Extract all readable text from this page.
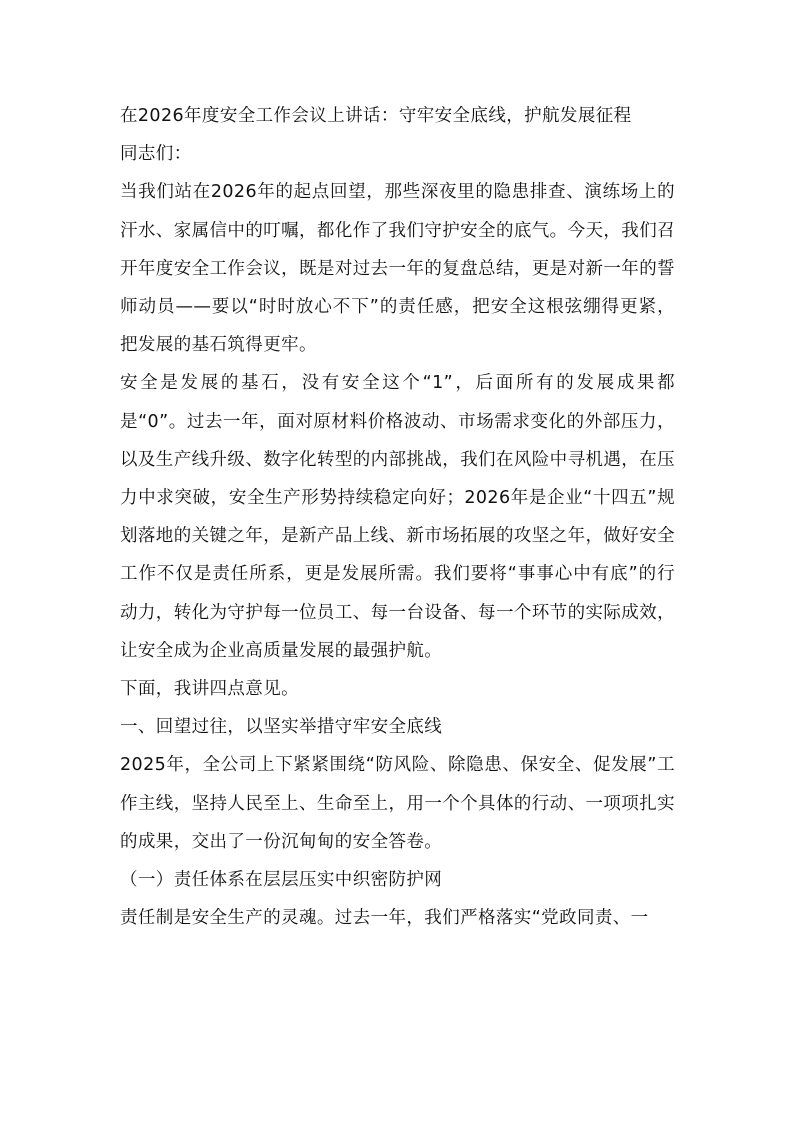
在2026年度安全工作会议上讲话：守牢安全底线，护航发展征程

同志们：

当我们站在2026年的起点回望，那些深夜里的隐患排查、演练场上的汗水、家属信中的叮嘱，都化作了我们守护安全的底气。今天，我们召开年度安全工作会议，既是对过去一年的复盘总结，更是对新一年的誓师动员——要以“时时放心不下”的责任感，把安全这根弦绷得更紧，把发展的基石筑得更牢。

安全是发展的基石，没有安全这个“1”，后面所有的发展成果都是“0”。过去一年，面对原材料价格波动、市场需求变化的外部压力，以及生产线升级、数字化转型的内部挑战，我们在风险中寻机遇，在压力中求突破，安全生产形势持续稳定向好；2026年是企业“十四五”规划落地的关键之年，是新产品上线、新市场拓展的攻坚之年，做好安全工作不仅是责任所系，更是发展所需。我们要将“事事心中有底”的行动力，转化为守护每一位员工、每一台设备、每一个环节的实际成效，让安全成为企业高质量发展的最强护航。

下面，我讲四点意见。

一、回望过往，以坚实举措守牢安全底线

2025年，全公司上下紧紧围绕“防风险、除隐患、保安全、促发展”工作主线，坚持人民至上、生命至上，用一个个具体的行动、一项项扎实的成果，交出了一份沉甸甸的安全答卷。

（一）责任体系在层层压实中织密防护网

责任制是安全生产的灵魂。过去一年，我们严格落实“党政同责、一
